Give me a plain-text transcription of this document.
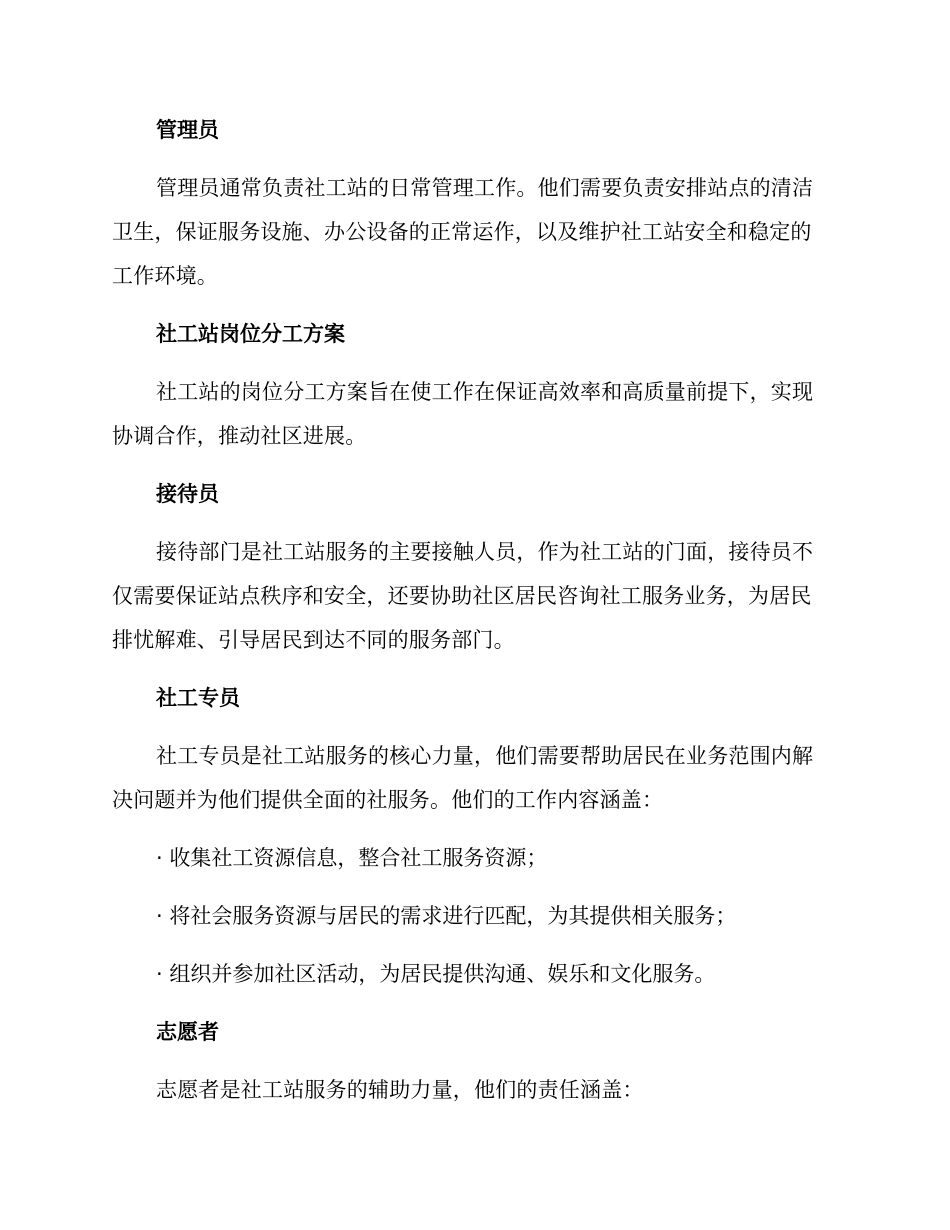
管理员

管理员通常负责社工站的日常管理工作。他们需要负责安排站点的清洁卫生，保证服务设施、办公设备的正常运作，以及维护社工站安全和稳定的工作环境。

社工站岗位分工方案

社工站的岗位分工方案旨在使工作在保证高效率和高质量前提下，实现协调合作，推动社区进展。

接待员

接待部门是社工站服务的主要接触人员，作为社工站的门面，接待员不仅需要保证站点秩序和安全，还要协助社区居民咨询社工服务业务，为居民排忧解难、引导居民到达不同的服务部门。

社工专员

社工专员是社工站服务的核心力量，他们需要帮助居民在业务范围内解决问题并为他们提供全面的社服务。他们的工作内容涵盖：

· 收集社工资源信息，整合社工服务资源；

· 将社会服务资源与居民的需求进行匹配，为其提供相关服务；

· 组织并参加社区活动，为居民提供沟通、娱乐和文化服务。

志愿者

志愿者是社工站服务的辅助力量，他们的责任涵盖：
